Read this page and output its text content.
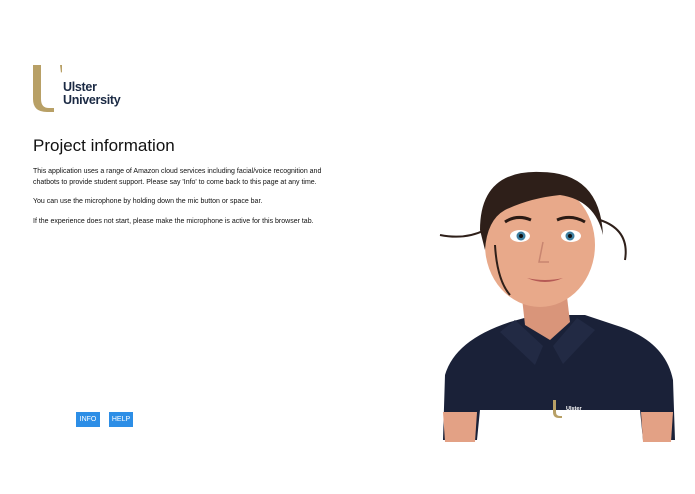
Ulster
University
Project information
This application uses a range of Amazon cloud services including facial/voice recognition and
chatbots to provide student support. Please say 'Info' to come back to this page at any time.
You can use the microphone by holding down the mic button or space bar.
If the experience does not start, please make the microphone is active for this browser tab.
INFO	HELP
Ulster
University
